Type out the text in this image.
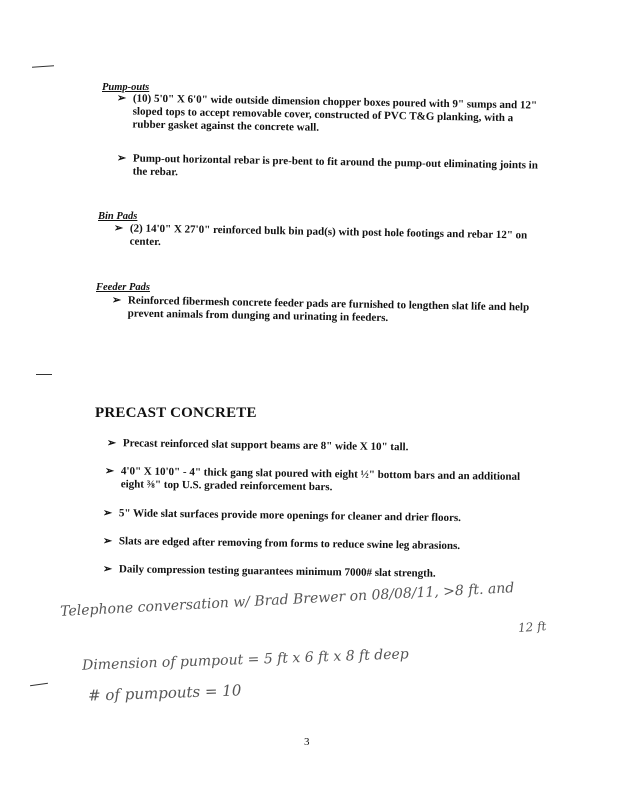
Pump-outs
➢ (10) 5'0" X 6'0" wide outside dimension chopper boxes poured with 9" sumps and 12" sloped tops to accept removable cover, constructed of PVC T&G planking, with a rubber gasket against the concrete wall.
➢ Pump-out horizontal rebar is pre-bent to fit around the pump-out eliminating joints in the rebar.
Bin Pads
➢ (2) 14'0" X 27'0" reinforced bulk bin pad(s) with post hole footings and rebar 12" on center.
Feeder Pads
➢ Reinforced fibermesh concrete feeder pads are furnished to lengthen slat life and help prevent animals from dunging and urinating in feeders.
PRECAST CONCRETE
➢ Precast reinforced slat support beams are 8" wide X 10" tall.
➢ 4'0" X 10'0" - 4" thick gang slat poured with eight ½" bottom bars and an additional eight ⅜" top U.S. graded reinforcement bars.
➢ 5" Wide slat surfaces provide more openings for cleaner and drier floors.
➢ Slats are edged after removing from forms to reduce swine leg abrasions.
➢ Daily compression testing guarantees minimum 7000# slat strength.
Telephone conversation w/ Brad Brewer on 08/08/11, >8 ft. and
12 ft
Dimension of pumpout = 5 ft x 6 ft x 8 ft deep
# of pumpouts = 10
3
